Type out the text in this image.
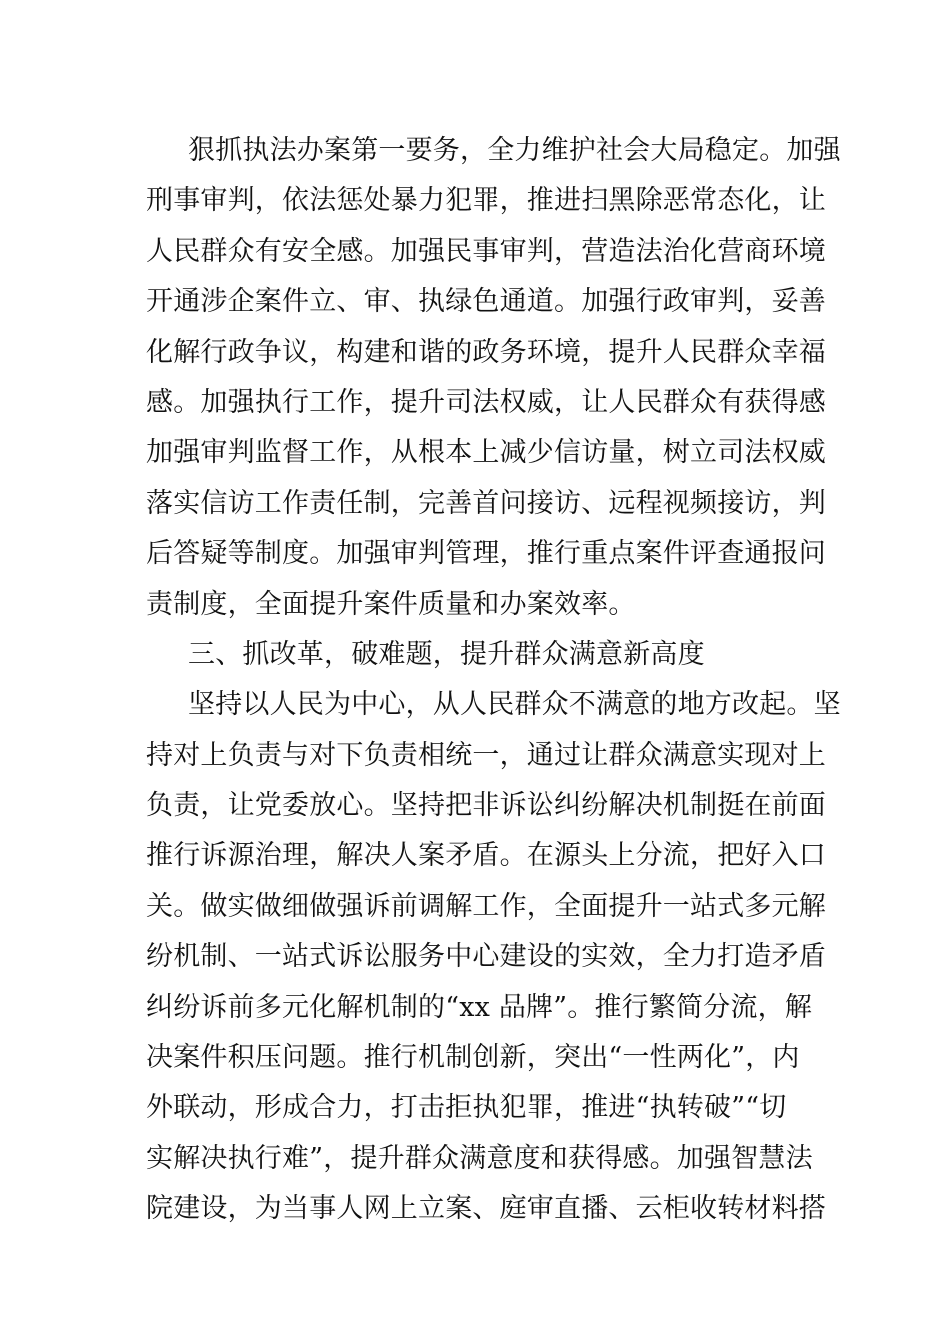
狠抓执法办案第一要务，全力维护社会大局稳定。加强
刑事审判，依法惩处暴力犯罪，推进扫黑除恶常态化，让
人民群众有安全感。加强民事审判，营造法治化营商环境
开通涉企案件立、审、执绿色通道。加强行政审判，妥善
化解行政争议，构建和谐的政务环境，提升人民群众幸福
感。加强执行工作，提升司法权威，让人民群众有获得感
加强审判监督工作，从根本上减少信访量，树立司法权威
落实信访工作责任制，完善首问接访、远程视频接访，判
后答疑等制度。加强审判管理，推行重点案件评查通报问
责制度，全面提升案件质量和办案效率。
三、抓改革，破难题，提升群众满意新高度
坚持以人民为中心，从人民群众不满意的地方改起。坚
持对上负责与对下负责相统一，通过让群众满意实现对上
负责，让党委放心。坚持把非诉讼纠纷解决机制挺在前面
推行诉源治理，解决人案矛盾。在源头上分流，把好入口
关。做实做细做强诉前调解工作，全面提升一站式多元解
纷机制、一站式诉讼服务中心建设的实效，全力打造矛盾
纠纷诉前多元化解机制的“xx 品牌”。推行繁简分流，解
决案件积压问题。推行机制创新，突出“一性两化”，内
外联动，形成合力，打击拒执犯罪，推进“执转破”“切
实解决执行难”，提升群众满意度和获得感。加强智慧法
院建设，为当事人网上立案、庭审直播、云柜收转材料搭
